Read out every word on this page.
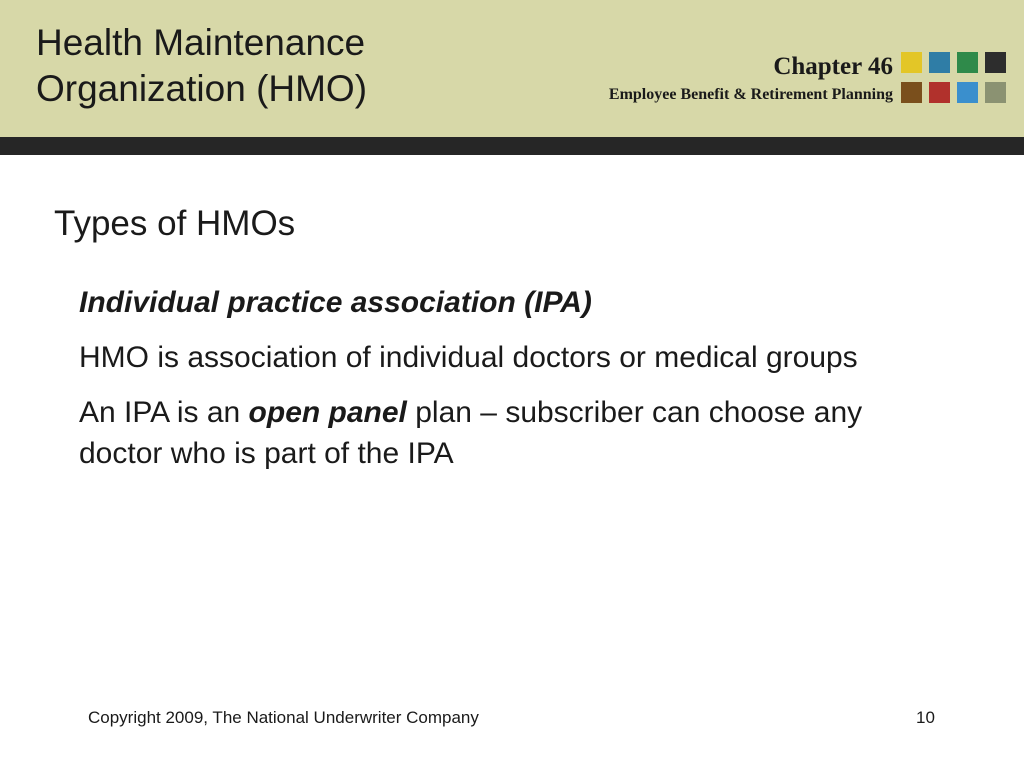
Health Maintenance
Organization (HMO)
Chapter 46
Employee Benefit & Retirement Planning
Types of HMOs

Individual practice association (IPA)

HMO is association of individual doctors or medical groups

An IPA is an open panel plan – subscriber can choose any doctor who is part of the IPA

Copyright 2009, The National Underwriter Company	10
